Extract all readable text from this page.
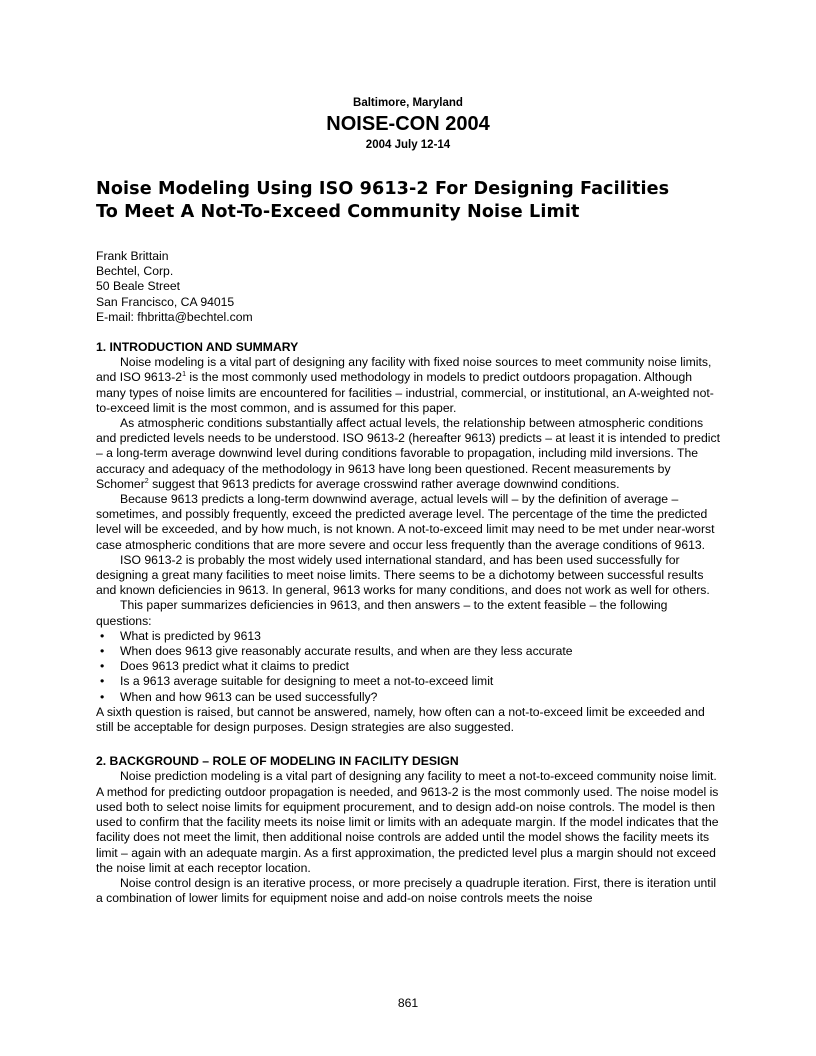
Baltimore, Maryland
NOISE-CON 2004
2004 July 12-14
Noise Modeling Using ISO 9613-2 For Designing Facilities
To Meet A Not-To-Exceed Community Noise Limit
Frank Brittain
Bechtel, Corp.
50 Beale Street
San Francisco, CA 94015
E-mail: fhbritta@bechtel.com
1. INTRODUCTION AND SUMMARY

Noise modeling is a vital part of designing any facility with fixed noise sources to meet community noise limits, and ISO $9613-2^1$ is the most commonly used methodology in models to predict outdoors propagation. Although many types of noise limits are encountered for facilities – industrial, commercial, or institutional, an A-weighted not-to-exceed limit is the most common, and is assumed for this paper.

As atmospheric conditions substantially affect actual levels, the relationship between atmospheric conditions and predicted levels needs to be understood. ISO 9613-2 (hereafter 9613) predicts – at least it is intended to predict – a long-term average downwind level during conditions favorable to propagation, including mild inversions. The accuracy and adequacy of the methodology in 9613 have long been questioned. Recent measurements by Schomer$^2$ suggest that 9613 predicts for average crosswind rather average downwind conditions.

Because 9613 predicts a long-term downwind average, actual levels will – by the definition of average – sometimes, and possibly frequently, exceed the predicted average level. The percentage of the time the predicted level will be exceeded, and by how much, is not known. A not-to-exceed limit may need to be met under near-worst case atmospheric conditions that are more severe and occur less frequently than the average conditions of 9613.

ISO 9613-2 is probably the most widely used international standard, and has been used successfully for designing a great many facilities to meet noise limits. There seems to be a dichotomy between successful results and known deficiencies in 9613. In general, 9613 works for many conditions, and does not work as well for others.

This paper summarizes deficiencies in 9613, and then answers – to the extent feasible – the following questions:

• What is predicted by 9613
• When does 9613 give reasonably accurate results, and when are they less accurate
• Does 9613 predict what it claims to predict
• Is a 9613 average suitable for designing to meet a not-to-exceed limit
• When and how 9613 can be used successfully?

A sixth question is raised, but cannot be answered, namely, how often can a not-to-exceed limit be exceeded and still be acceptable for design purposes. Design strategies are also suggested.

2. BACKGROUND – ROLE OF MODELING IN FACILITY DESIGN

Noise prediction modeling is a vital part of designing any facility to meet a not-to-exceed community noise limit. A method for predicting outdoor propagation is needed, and 9613-2 is the most commonly used. The noise model is used both to select noise limits for equipment procurement, and to design add-on noise controls. The model is then used to confirm that the facility meets its noise limit or limits with an adequate margin. If the model indicates that the facility does not meet the limit, then additional noise controls are added until the model shows the facility meets its limit – again with an adequate margin. As a first approximation, the predicted level plus a margin should not exceed the noise limit at each receptor location.

Noise control design is an iterative process, or more precisely a quadruple iteration. First, there is iteration until a combination of lower limits for equipment noise and add-on noise controls meets the noise

861
